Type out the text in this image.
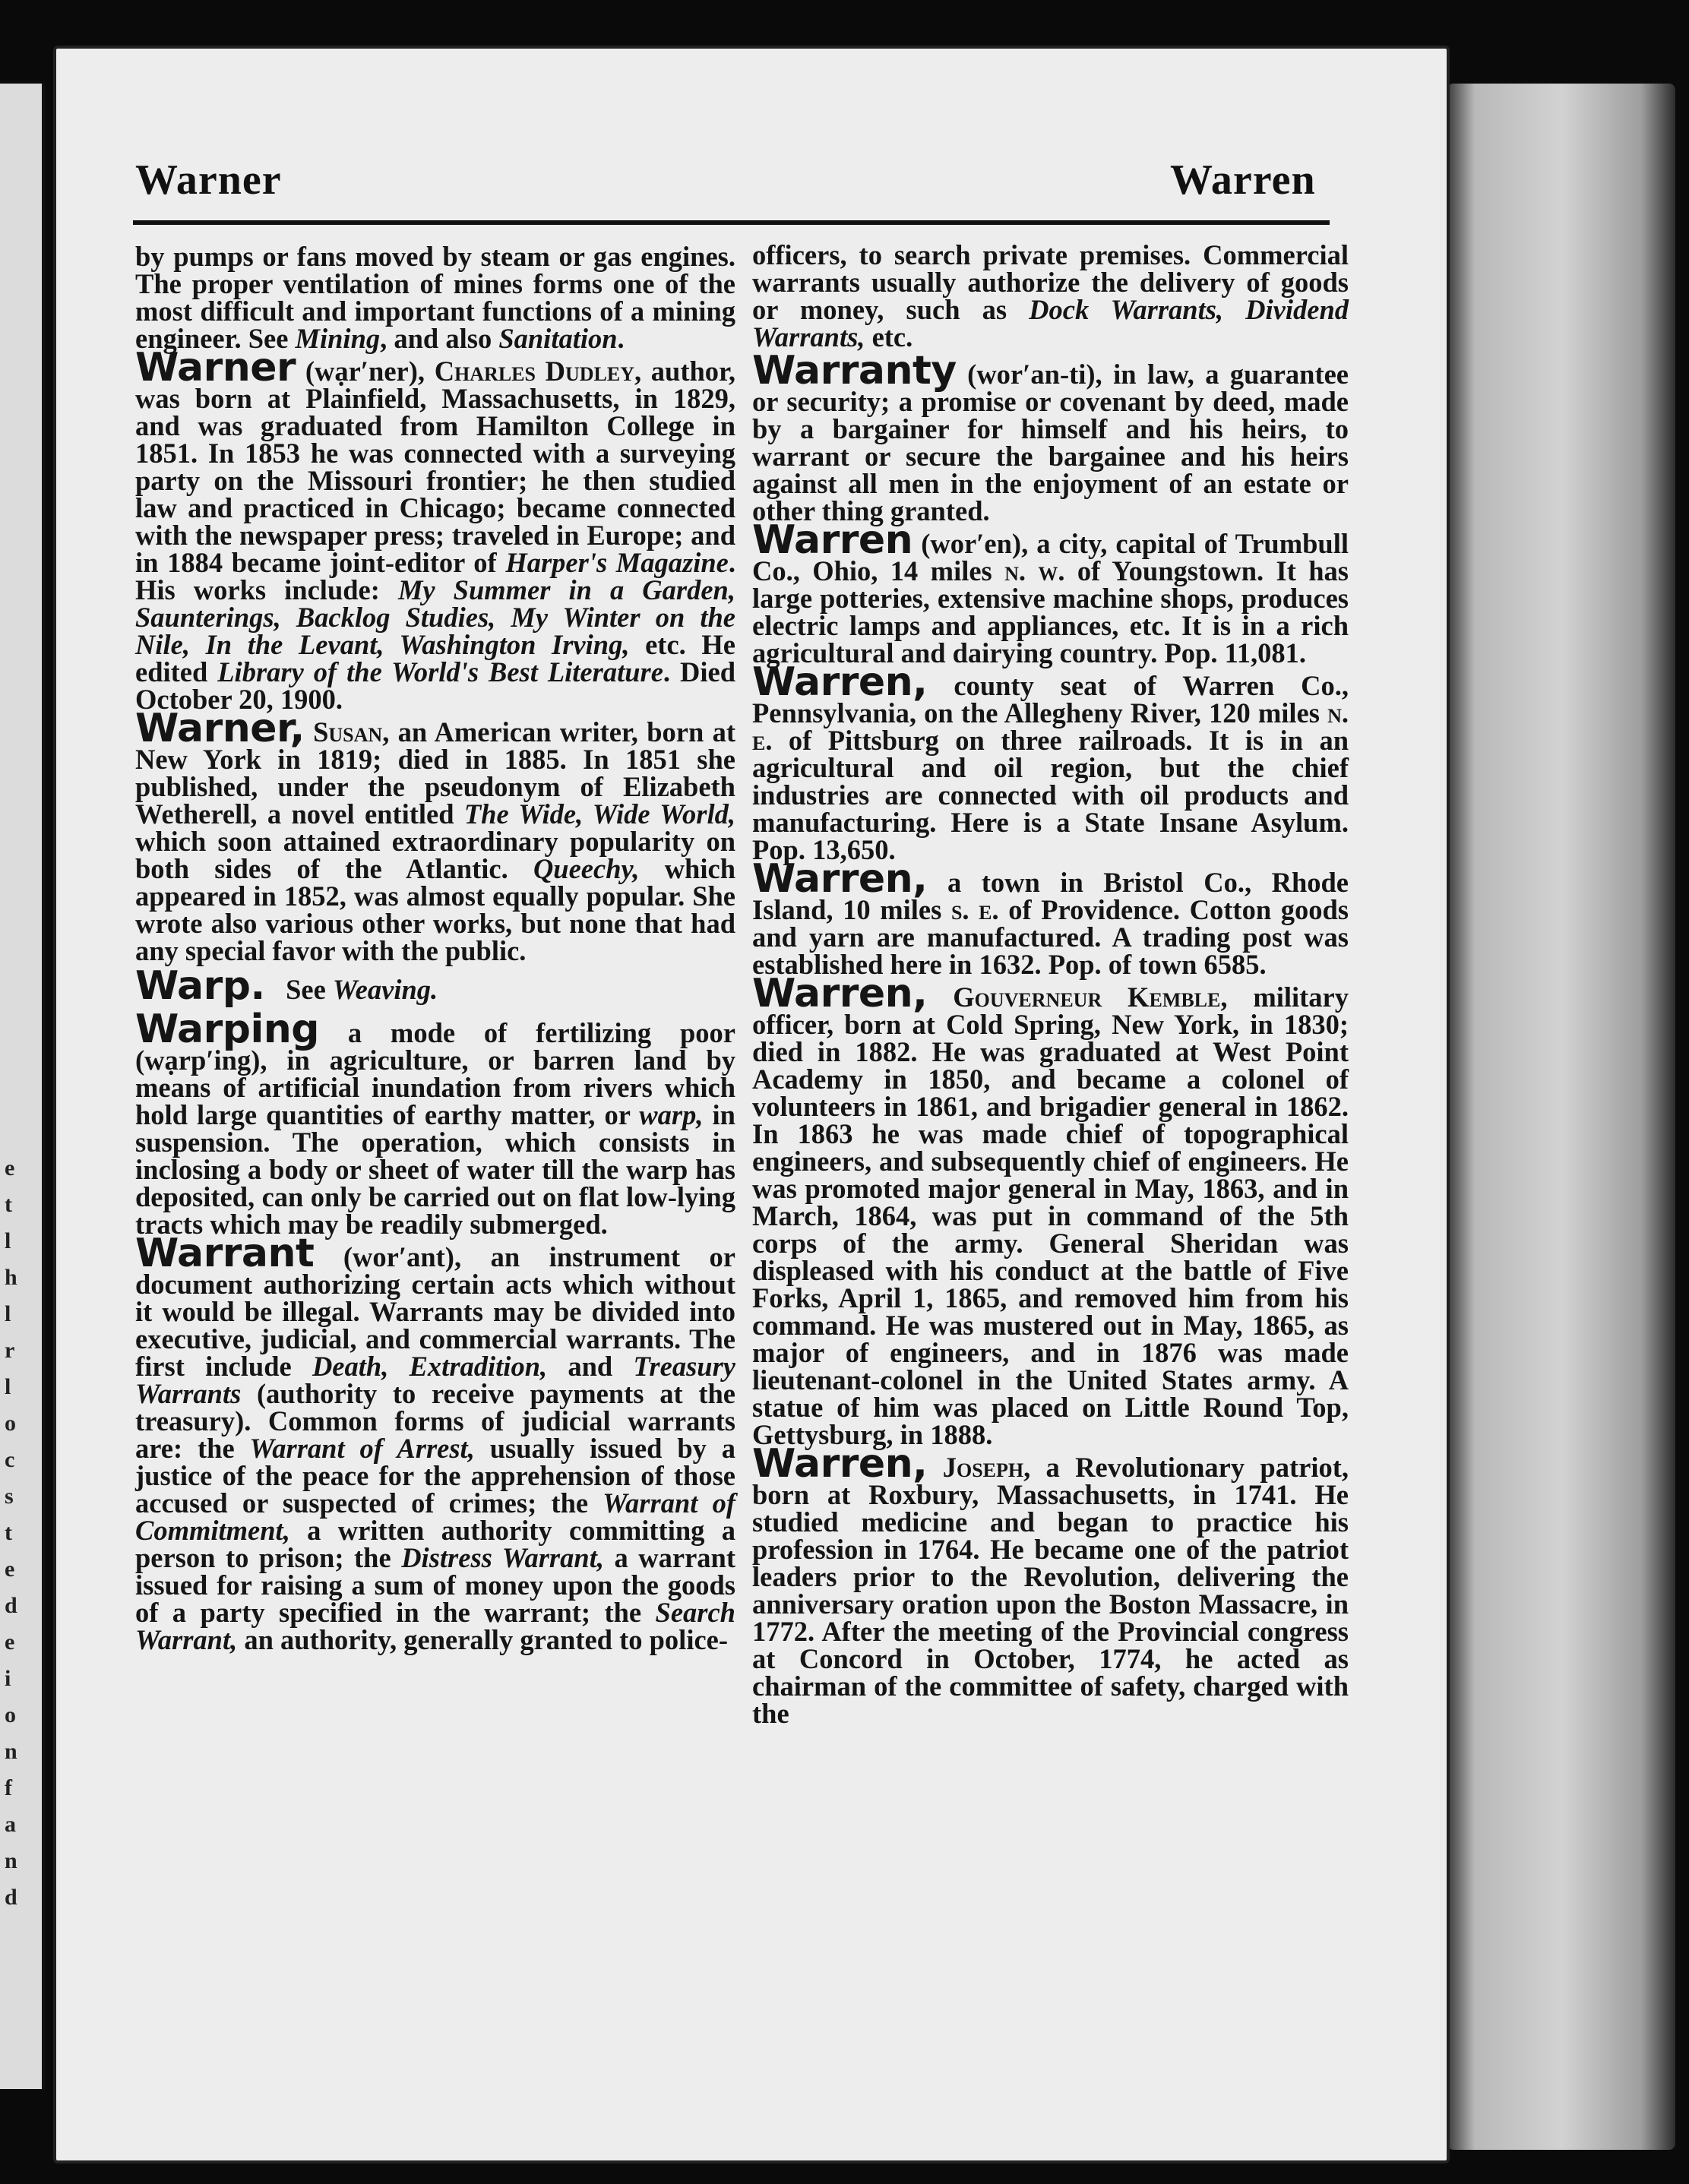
e
t
l
h
l
r
l
o
c
s
t
e
d
e
i
o
n
f
a
n
d
Warner	Warren

by pumps or fans moved by steam or gas engines. The proper ventilation of mines forms one of the most difficult and important functions of a mining engineer. See Mining, and also Sanitation.

Warner (wạr′ner), Charles Dudley, author, was born at Plainfield, Massachusetts, in 1829, and was graduated from Hamilton College in 1851. In 1853 he was connected with a surveying party on the Missouri frontier; he then studied law and practiced in Chicago; became connected with the newspaper press; traveled in Europe; and in 1884 became joint-editor of Harper's Magazine. His works include: My Summer in a Garden, Saunterings, Backlog Studies, My Winter on the Nile, In the Levant, Washington Irving, etc. He edited Library of the World's Best Literature. Died October 20, 1900.

Warner, Susan, an American writer, born at New York in 1819; died in 1885. In 1851 she published, under the pseudonym of Elizabeth Wetherell, a novel entitled The Wide, Wide World, which soon attained extraordinary popularity on both sides of the Atlantic. Queechy, which appeared in 1852, was almost equally popular. She wrote also various other works, but none that had any special favor with the public.

Warp. See Weaving.

Warping a mode of fertilizing poor (wạrp′ing), in agriculture, or barren land by means of artificial inundation from rivers which hold large quantities of earthy matter, or warp, in suspension. The operation, which consists in inclosing a body or sheet of water till the warp has deposited, can only be carried out on flat low-lying tracts which may be readily submerged.

Warrant (wor′ant), an instrument or document authorizing certain acts which without it would be illegal. Warrants may be divided into executive, judicial, and commercial warrants. The first include Death, Extradition, and Treasury Warrants (authority to receive payments at the treasury). Common forms of judicial warrants are: the Warrant of Arrest, usually issued by a justice of the peace for the apprehension of those accused or suspected of crimes; the Warrant of Commitment, a written authority committing a person to prison; the Distress Warrant, a warrant issued for raising a sum of money upon the goods of a party specified in the warrant; the Search Warrant, an authority, generally granted to police-

officers, to search private premises. Commercial warrants usually authorize the delivery of goods or money, such as Dock Warrants, Dividend Warrants, etc.

Warranty (wor′an-ti), in law, a guarantee or security; a promise or covenant by deed, made by a bargainer for himself and his heirs, to warrant or secure the bargainee and his heirs against all men in the enjoyment of an estate or other thing granted.

Warren (wor′en), a city, capital of Trumbull Co., Ohio, 14 miles n. w. of Youngstown. It has large potteries, extensive machine shops, produces electric lamps and appliances, etc. It is in a rich agricultural and dairying country. Pop. 11,081.

Warren, county seat of Warren Co., Pennsylvania, on the Allegheny River, 120 miles n. e. of Pittsburg on three railroads. It is in an agricultural and oil region, but the chief industries are connected with oil products and manufacturing. Here is a State Insane Asylum. Pop. 13,650.

Warren, a town in Bristol Co., Rhode Island, 10 miles s. e. of Providence. Cotton goods and yarn are manufactured. A trading post was established here in 1632. Pop. of town 6585.

Warren, Gouverneur Kemble, military officer, born at Cold Spring, New York, in 1830; died in 1882. He was graduated at West Point Academy in 1850, and became a colonel of volunteers in 1861, and brigadier general in 1862. In 1863 he was made chief of topographical engineers, and subsequently chief of engineers. He was promoted major general in May, 1863, and in March, 1864, was put in command of the 5th corps of the army. General Sheridan was displeased with his conduct at the battle of Five Forks, April 1, 1865, and removed him from his command. He was mustered out in May, 1865, as major of engineers, and in 1876 was made lieutenant-colonel in the United States army. A statue of him was placed on Little Round Top, Gettysburg, in 1888.

Warren, Joseph, a Revolutionary patriot, born at Roxbury, Massachusetts, in 1741. He studied medicine and began to practice his profession in 1764. He became one of the patriot leaders prior to the Revolution, delivering the anniversary oration upon the Boston Massacre, in 1772. After the meeting of the Provincial congress at Concord in October, 1774, he acted as chairman of the committee of safety, charged with the
